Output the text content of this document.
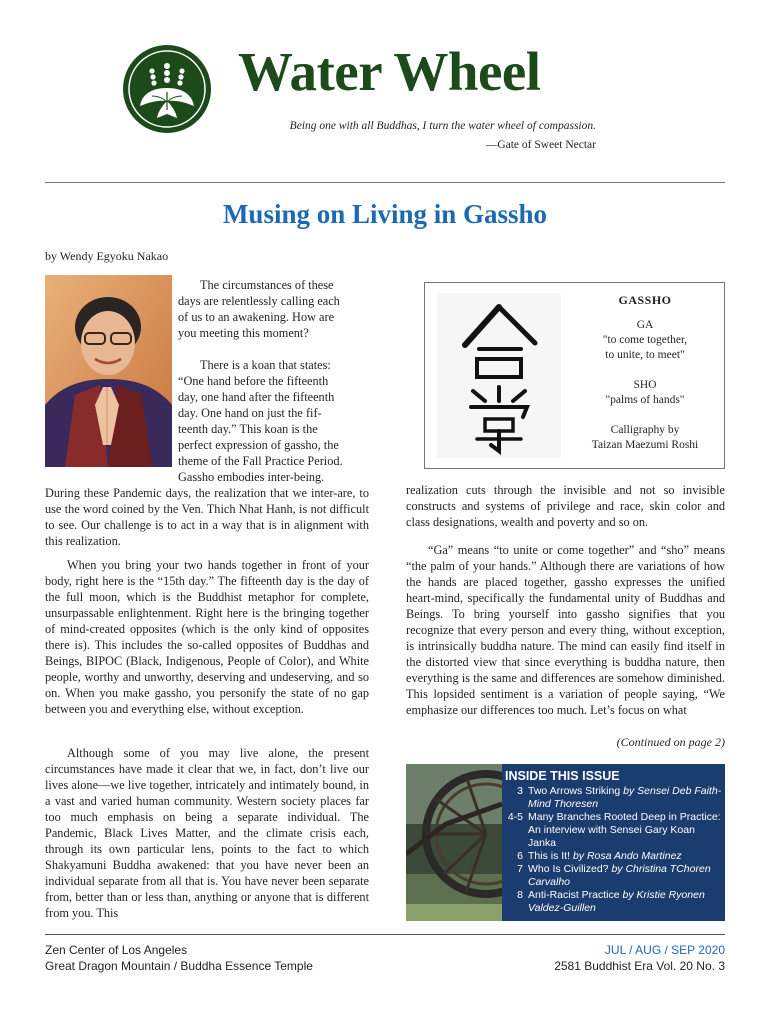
Water Wheel
Being one with all Buddhas, I turn the water wheel of compassion.
—Gate of Sweet Nectar
Musing on Living in Gassho
by Wendy Egyoku Nakao
The circumstances of these
days are relentlessly calling each
of us to an awakening. How are
you meeting this moment?
There is a koan that states:
“One hand before the fifteenth
day, one hand after the fifteenth
day. One hand on just the fif-
teenth day.” This koan is the
perfect expression of gassho, the
theme of the Fall Practice Period.
Gassho embodies inter-being.
During these Pandemic days, the realization that we inter-are, to use the word coined by the Ven. Thich Nhat Hanh, is not difficult to see. Our challenge is to act in a way that is in alignment with this realization.

When you bring your two hands together in front of your body, right here is the “15th day.” The fifteenth day is the day of the full moon, which is the Buddhist metaphor for complete, unsurpassable enlightenment. Right here is the bringing together of mind-created opposites (which is the only kind of opposites there is). This includes the so-called opposites of Buddhas and Beings, BIPOC (Black, Indigenous, People of Color), and White people, worthy and unworthy, deserving and undeserving, and so on. When you make gassho, you personify the state of no gap between you and everything else, without exception.

Although some of you may live alone, the present circumstances have made it clear that we, in fact, don’t live our lives alone—we live together, intricately and intimately bound, in a vast and varied human community. Western society places far too much emphasis on being a separate individual. The Pandemic, Black Lives Matter, and the climate crisis each, through its own particular lens, points to the fact to which Shakyamuni Buddha awakened: that you have never been an individual separate from all that is. You have never been separate from, better than or less than, anything or anyone that is different from you. This

GASSHO
GA
"to come together,
to unite, to meet"
SHO
"palms of hands"
Calligraphy by
Taizan Maezumi Roshi
realization cuts through the invisible and not so invisible constructs and systems of privilege and race, skin color and class designations, wealth and poverty and so on.

“Ga” means “to unite or come together” and “sho” means “the palm of your hands.” Although there are variations of how the hands are placed together, gassho expresses the unified heart-mind, specifically the fundamental unity of Buddhas and Beings. To bring yourself into gassho signifies that you recognize that every person and every thing, without exception, is intrinsically buddha nature. The mind can easily find itself in the distorted view that since everything is buddha nature, then everything is the same and differences are somehow diminished. This lopsided sentiment is a variation of people saying, “We emphasize our differences too much. Let’s focus on what

(Continued on page 2)
INSIDE THIS ISSUE
3 Two Arrows Striking by Sensei Deb Faith-Mind Thoresen
4-5 Many Branches Rooted Deep in Practice: An interview with Sensei Gary Koan Janka
6 This is It! by Rosa Ando Martinez
7 Who Is Civilized? by Christina TChoren Carvalho
8 Anti-Racist Practice by Kristie Ryonen Valdez-Guillen
Zen Center of Los Angeles
Great Dragon Mountain / Buddha Essence Temple
JUL / AUG / SEP 2020
2581 Buddhist Era Vol. 20 No. 3
